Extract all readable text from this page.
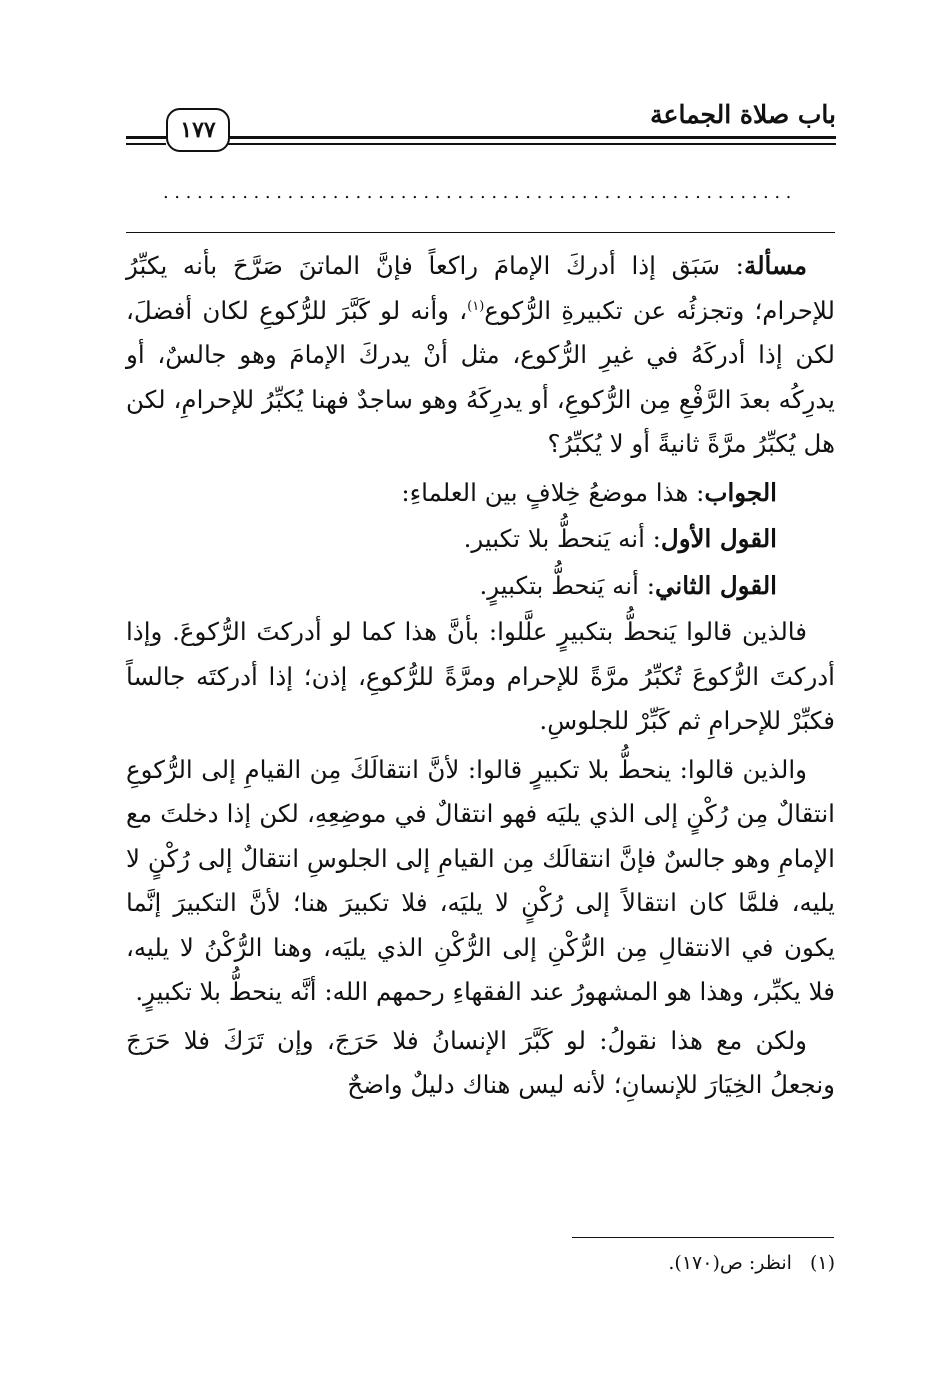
باب صلاة الجماعة
١٧٧
........................................................

مسألة: سَبَق إذا أدركَ الإمامَ راكعاً فإنَّ الماتنَ صَرَّحَ بأنه يكبِّرُ للإحرام؛ وتجزئُه عن تكبيرةِ الرُّكوع$^{(١)}$، وأنه لو كَبَّرَ للرُّكوعِ لكان أفضلَ، لكن إذا أدركَهُ في غيرِ الرُّكوع، مثل أنْ يدركَ الإمامَ وهو جالسٌ، أو يدرِكُه بعدَ الرَّفْعِ مِن الرُّكوعِ، أو يدرِكَهُ وهو ساجدٌ فهنا يُكبِّرُ للإحرامِ، لكن هل يُكبِّرُ مرَّةً ثانيةً أو لا يُكبِّرُ؟

الجواب: هذا موضعُ خِلافٍ بين العلماءِ:

القول الأول: أنه يَنحطُّ بلا تكبير.

القول الثاني: أنه يَنحطُّ بتكبيرٍ.

فالذين قالوا يَنحطُّ بتكبيرٍ علَّلوا: بأنَّ هذا كما لو أدركتَ الرُّكوعَ. وإذا أدركتَ الرُّكوعَ تُكبِّرُ مرَّةً للإحرام ومرَّةً للرُّكوعِ، إذن؛ إذا أدركتَه جالساً فكبِّرْ للإحرامِ ثم كَبِّرْ للجلوسِ.

والذين قالوا: ينحطُّ بلا تكبيرٍ قالوا: لأنَّ انتقالَكَ مِن القيامِ إلى الرُّكوعِ انتقالٌ مِن رُكْنٍ إلى الذي يليَه فهو انتقالٌ في موضِعِهِ، لكن إذا دخلتَ مع الإمامِ وهو جالسٌ فإنَّ انتقالَك مِن القيامِ إلى الجلوسِ انتقالٌ إلى رُكْنٍ لا يليه، فلمَّا كان انتقالاً إلى رُكْنٍ لا يليَه، فلا تكبيرَ هنا؛ لأنَّ التكبيرَ إنَّما يكون في الانتقالِ مِن الرُّكْنِ إلى الرُّكْنِ الذي يليَه، وهنا الرُّكْنُ لا يليه، فلا يكبِّر، وهذا هو المشهورُ عند الفقهاءِ رحمهم الله: أنَّه ينحطُّ بلا تكبيرٍ.

ولكن مع هذا نقولُ: لو كَبَّرَ الإنسانُ فلا حَرَجَ، وإن تَرَكَ فلا حَرَجَ ونجعلُ الخِيَارَ للإنسانِ؛ لأنه ليس هناك دليلٌ واضحٌ

(١)انظر: ص(١٧٠).
